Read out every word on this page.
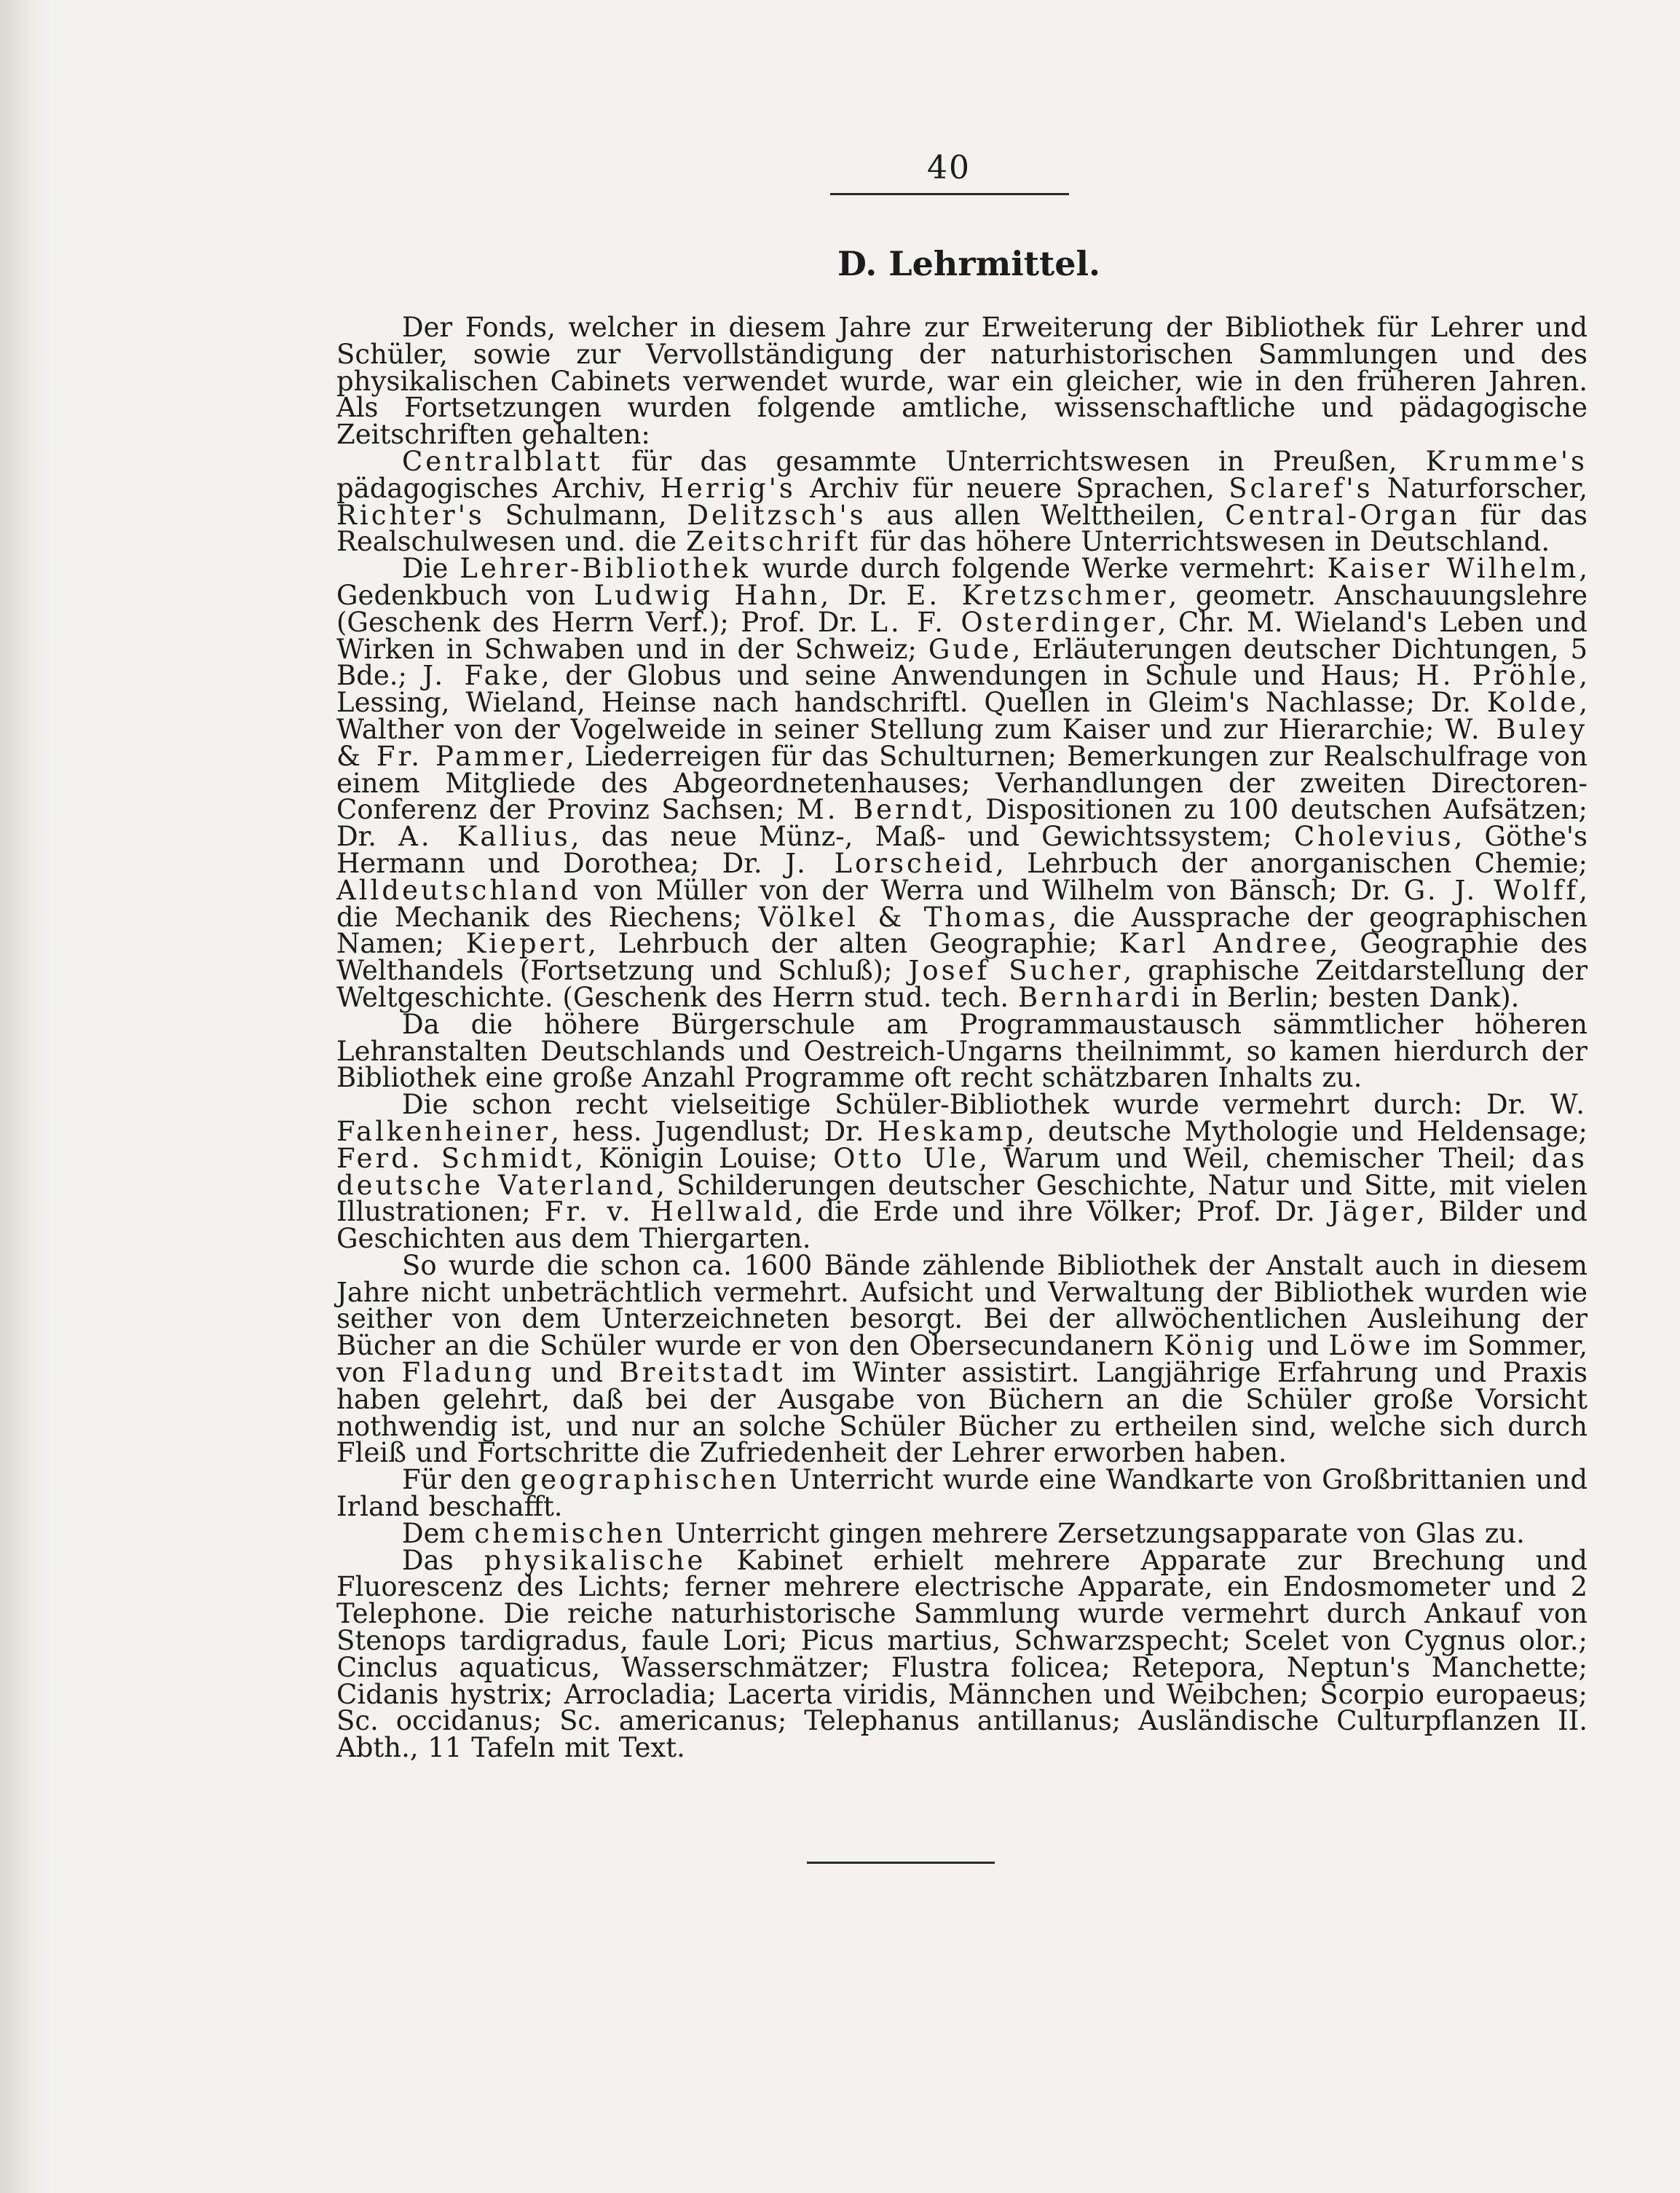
40
D. Lehrmittel.

Der Fonds, welcher in diesem Jahre zur Erweiterung der Bibliothek für Lehrer und Schüler, sowie zur Vervollständigung der naturhistorischen Sammlungen und des physikalischen Cabinets verwendet wurde, war ein gleicher, wie in den früheren Jahren. Als Fortsetzungen wurden folgende amtliche, wissenschaftliche und pädagogische Zeitschriften gehalten:

Centralblatt für das gesammte Unterrichtswesen in Preußen, Krumme's pädagogisches Archiv, Herrig's Archiv für neuere Sprachen, Sclaref's Naturforscher, Richter's Schulmann, Delitzsch's aus allen Welttheilen, Central-Organ für das Realschulwesen und. die Zeitschrift für das höhere Unterrichtswesen in Deutschland.

Die Lehrer-Bibliothek wurde durch folgende Werke vermehrt: Kaiser Wilhelm, Gedenkbuch von Ludwig Hahn, Dr. E. Kretzschmer, geometr. Anschauungslehre (Geschenk des Herrn Verf.); Prof. Dr. L. F. Osterdinger, Chr. M. Wieland's Leben und Wirken in Schwaben und in der Schweiz; Gude, Erläuterungen deutscher Dichtungen, 5 Bde.; J. Fake, der Globus und seine Anwendungen in Schule und Haus; H. Pröhle, Lessing, Wieland, Heinse nach handschriftl. Quellen in Gleim's Nachlasse; Dr. Kolde, Walther von der Vogelweide in seiner Stellung zum Kaiser und zur Hierarchie; W. Buley & Fr. Pammer, Liederreigen für das Schulturnen; Bemerkungen zur Realschulfrage von einem Mitgliede des Abgeordnetenhauses; Verhandlungen der zweiten Directoren-Conferenz der Provinz Sachsen; M. Berndt, Dispositionen zu 100 deutschen Aufsätzen; Dr. A. Kallius, das neue Münz-, Maß- und Gewichtssystem; Cholevius, Göthe's Hermann und Dorothea; Dr. J. Lorscheid, Lehrbuch der anorganischen Chemie; Alldeutschland von Müller von der Werra und Wilhelm von Bänsch; Dr. G. J. Wolff, die Mechanik des Riechens; Völkel & Thomas, die Aussprache der geographischen Namen; Kiepert, Lehrbuch der alten Geographie; Karl Andree, Geographie des Welthandels (Fortsetzung und Schluß); Josef Sucher, graphische Zeitdarstellung der Weltgeschichte. (Geschenk des Herrn stud. tech. Bernhardi in Berlin; besten Dank).

Da die höhere Bürgerschule am Programmaustausch sämmtlicher höheren Lehranstalten Deutschlands und Oestreich-Ungarns theilnimmt, so kamen hierdurch der Bibliothek eine große Anzahl Programme oft recht schätzbaren Inhalts zu.

Die schon recht vielseitige Schüler-Bibliothek wurde vermehrt durch: Dr. W. Falkenheiner, hess. Jugendlust; Dr. Heskamp, deutsche Mythologie und Heldensage; Ferd. Schmidt, Königin Louise; Otto Ule, Warum und Weil, chemischer Theil; das deutsche Vaterland, Schilderungen deutscher Geschichte, Natur und Sitte, mit vielen Illustrationen; Fr. v. Hellwald, die Erde und ihre Völker; Prof. Dr. Jäger, Bilder und Geschichten aus dem Thiergarten.

So wurde die schon ca. 1600 Bände zählende Bibliothek der Anstalt auch in diesem Jahre nicht unbeträchtlich vermehrt. Aufsicht und Verwaltung der Bibliothek wurden wie seither von dem Unterzeichneten besorgt. Bei der allwöchentlichen Ausleihung der Bücher an die Schüler wurde er von den Obersecundanern König und Löwe im Sommer, von Fladung und Breitstadt im Winter assistirt. Langjährige Erfahrung und Praxis haben gelehrt, daß bei der Ausgabe von Büchern an die Schüler große Vorsicht nothwendig ist, und nur an solche Schüler Bücher zu ertheilen sind, welche sich durch Fleiß und Fortschritte die Zufriedenheit der Lehrer erworben haben.

Für den geographischen Unterricht wurde eine Wandkarte von Großbrittanien und Irland beschafft.

Dem chemischen Unterricht gingen mehrere Zersetzungsapparate von Glas zu.

Das physikalische Kabinet erhielt mehrere Apparate zur Brechung und Fluorescenz des Lichts; ferner mehrere electrische Apparate, ein Endosmometer und 2 Telephone. Die reiche naturhistorische Sammlung wurde vermehrt durch Ankauf von Stenops tardigradus, faule Lori; Picus martius, Schwarzspecht; Scelet von Cygnus olor.; Cinclus aquaticus, Wasserschmätzer; Flustra folicea; Retepora, Neptun's Manchette; Cidanis hystrix; Arrocladia; Lacerta viridis, Männchen und Weibchen; Scorpio europaeus; Sc. occidanus; Sc. americanus; Telephanus antillanus; Ausländische Culturpflanzen II. Abth., 11 Tafeln mit Text.
